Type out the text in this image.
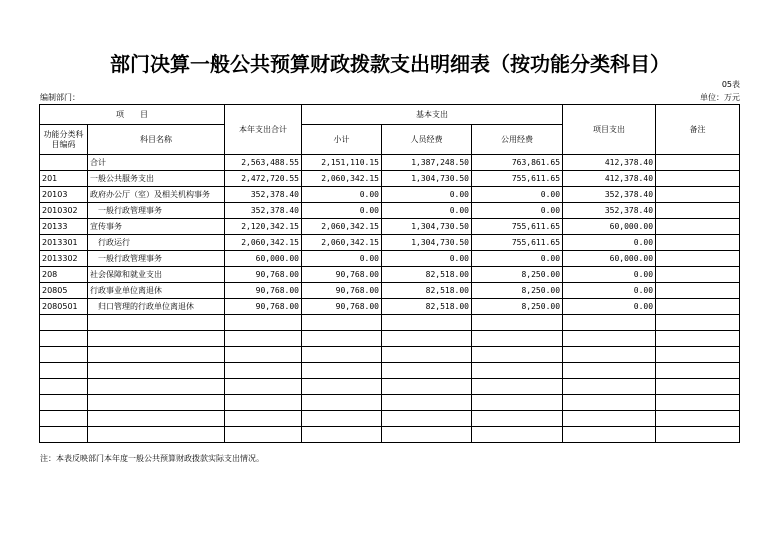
部门决算一般公共预算财政拨款支出明细表（按功能分类科目）
05表
编制部门：	单位：万元
项　　目		本年支出合计	基本支出			项目支出	备注
功能分类科目编码	科目名称		小计	人员经费	公用经费		
	合计	2,563,488.55	2,151,110.15	1,387,248.50	763,861.65	412,378.40	
201	一般公共服务支出	2,472,720.55	2,060,342.15	1,304,730.50	755,611.65	412,378.40	
20103	政府办公厅（室）及相关机构事务	352,378.40	0.00	0.00	0.00	352,378.40	
2010302	一般行政管理事务	352,378.40	0.00	0.00	0.00	352,378.40	
20133	宣传事务	2,120,342.15	2,060,342.15	1,304,730.50	755,611.65	60,000.00	
2013301	行政运行	2,060,342.15	2,060,342.15	1,304,730.50	755,611.65	0.00	
2013302	一般行政管理事务	60,000.00	0.00	0.00	0.00	60,000.00	
208	社会保障和就业支出	90,768.00	90,768.00	82,518.00	8,250.00	0.00	
20805	行政事业单位离退休	90,768.00	90,768.00	82,518.00	8,250.00	0.00	
2080501	归口管理的行政单位离退休	90,768.00	90,768.00	82,518.00	8,250.00	0.00	

注：本表反映部门本年度一般公共预算财政拨款实际支出情况。
